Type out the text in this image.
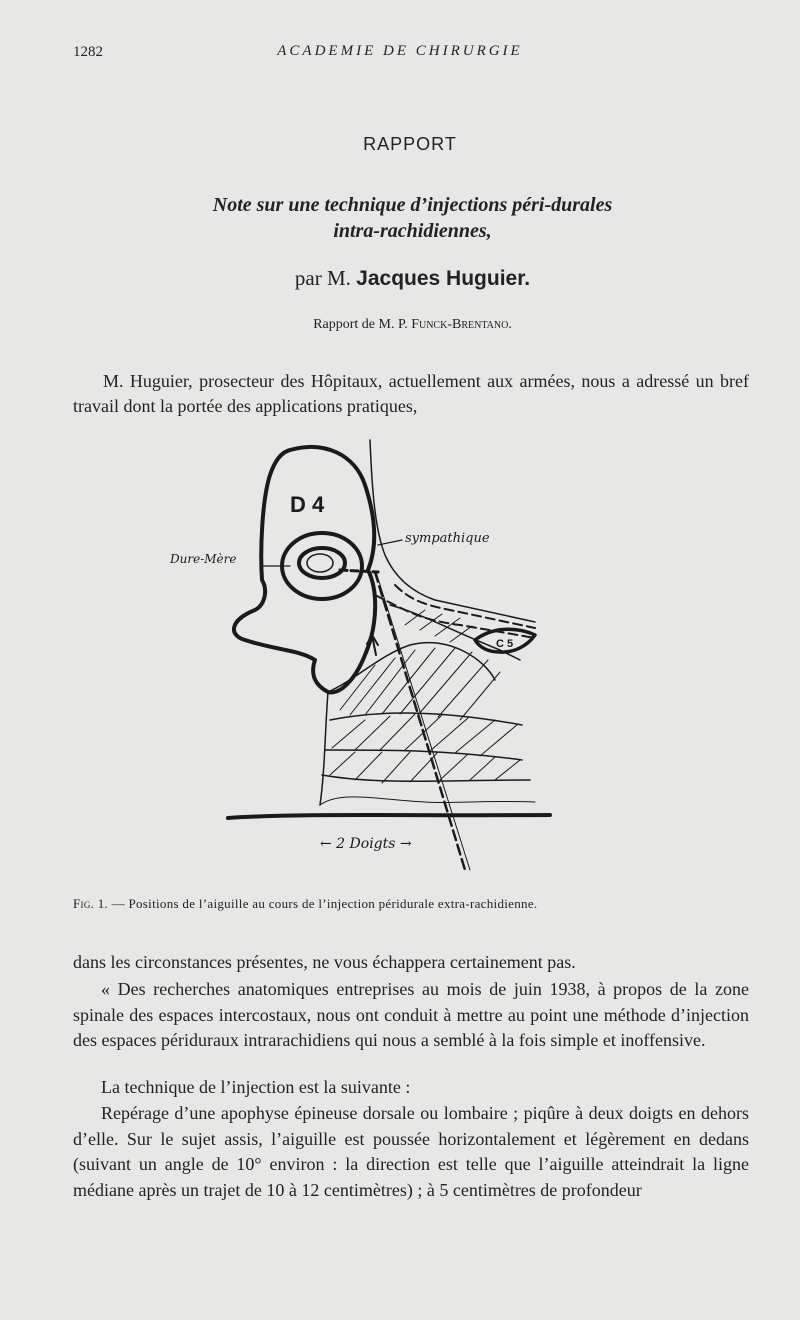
1282	ACADEMIE DE CHIRURGIE
RAPPORT
Note sur une technique d’injections péri-durales
intra-rachidiennes,
par M. Jacques Huguier.
Rapport de M. P. Funck-Brentano.

M. Huguier, prosecteur des Hôpitaux, actuellement aux armées, nous a adressé un bref travail dont la portée des applications pratiques,

D 4
Dure-Mère
sympathique
C 5
← 2 Doigts →
Fig. 1. — Positions de l’aiguille au cours de l’injection péridurale extra-rachidienne.

dans les circonstances présentes, ne vous échappera certainement pas.

« Des recherches anatomiques entreprises au mois de juin 1938, à propos de la zone spinale des espaces intercostaux, nous ont conduit à mettre au point une méthode d’injection des espaces périduraux intrarachidiens qui nous a semblé à la fois simple et inoffensive.

La technique de l’injection est la suivante :

Repérage d’une apophyse épineuse dorsale ou lombaire ; piqûre à deux doigts en dehors d’elle. Sur le sujet assis, l’aiguille est poussée horizontalement et légèrement en dedans (suivant un angle de 10° environ : la direction est telle que l’aiguille atteindrait la ligne médiane après un trajet de 10 à 12 centimètres) ; à 5 centimètres de profondeur
